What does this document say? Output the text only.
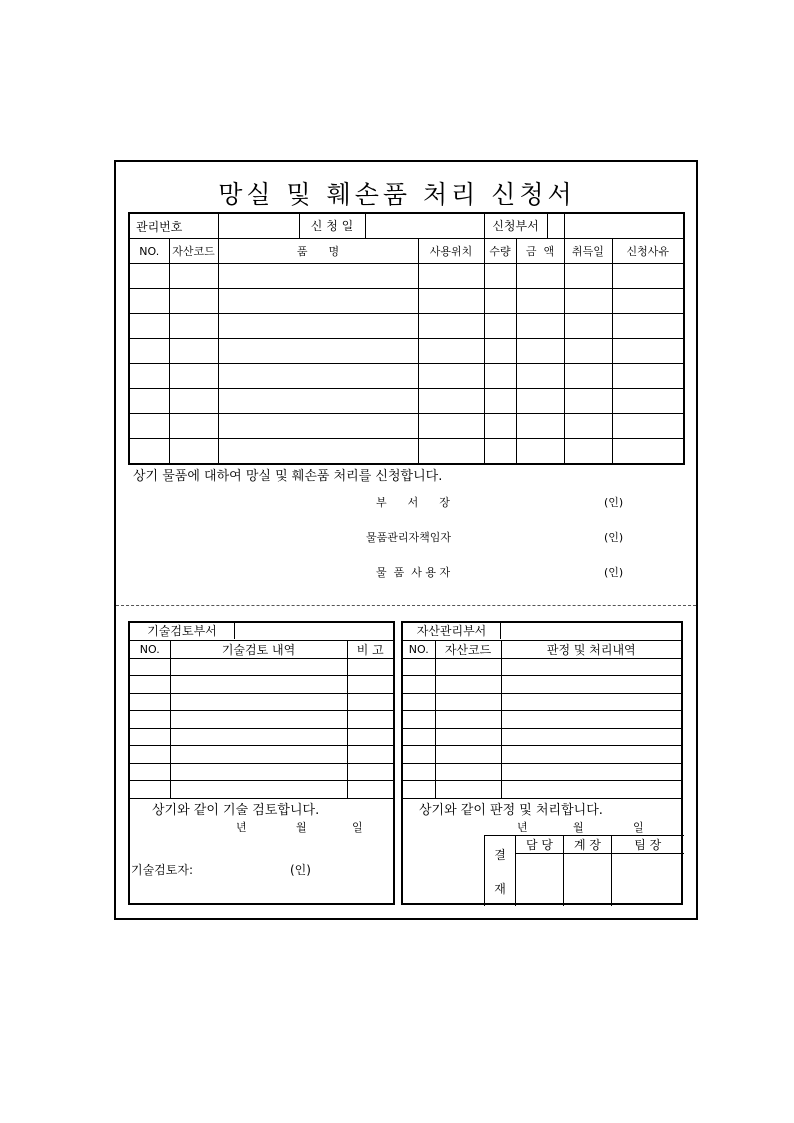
망실 및 훼손품 처리 신청서
관리번호		신 청 일		신청부서			

NO.	자산코드	품      명	사용위치	수량	금  액	취득일	신청사유

상기 물품에 대하여 망실 및 훼손품 처리를 신청합니다.
부      서      장	(인)
물품관리자책임자	(인)
물  품  사 용 자	(인)
기술검토부서		

NO.	기술검토 내역	비 고

상기와 같이 기술 검토합니다.
년	월	일
기술검토자:	(인)
자산관리부서		

NO.	자산코드	판정 및 처리내역

상기와 같이 판정 및 처리합니다.
년	월	일
결
재	담 당	계 장	팀 장
